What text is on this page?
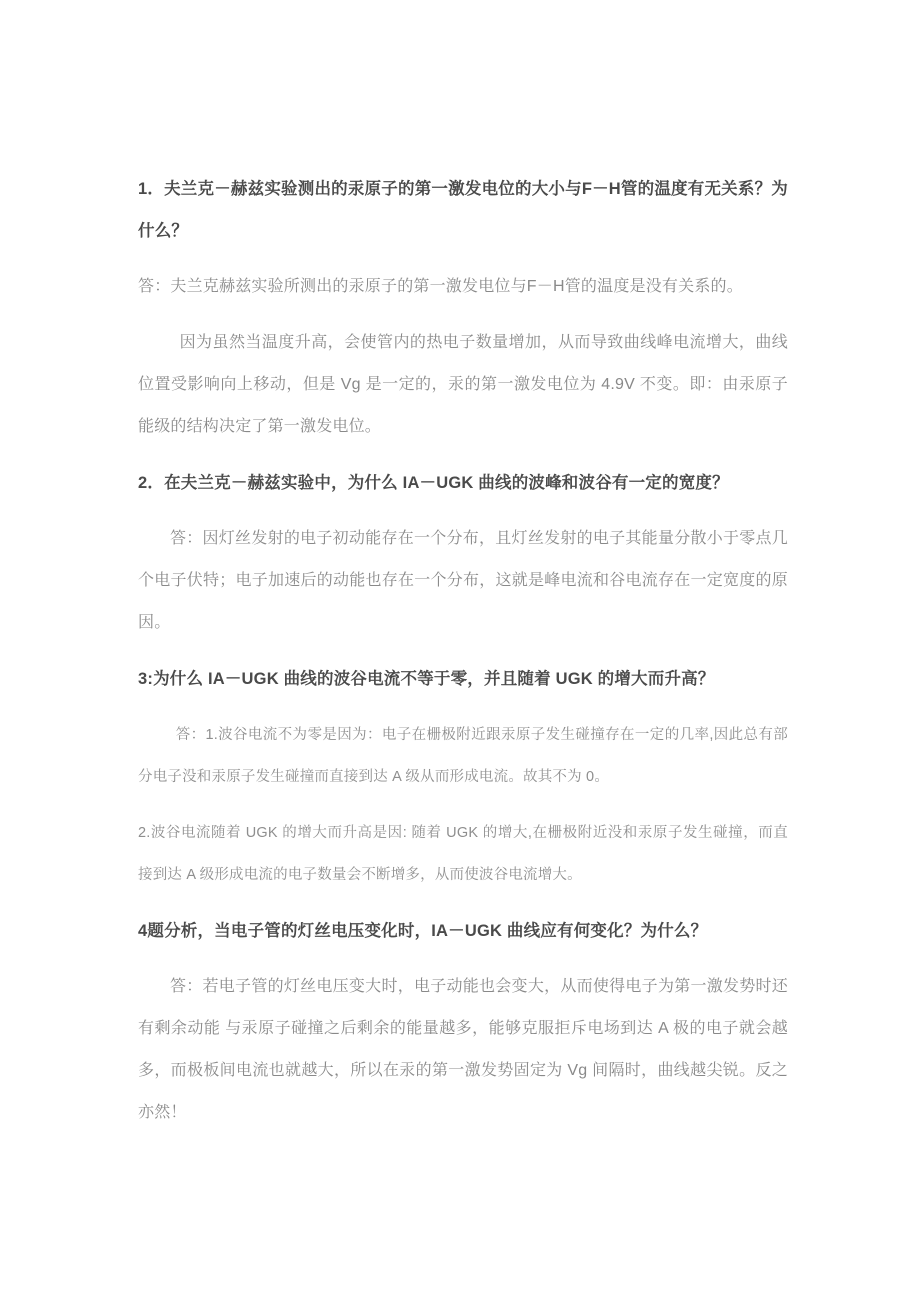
1．夫兰克－赫兹实验测出的汞原子的第一激发电位的大小与F－H管的温度有无关系？为什么？

答：夫兰克赫兹实验所测出的汞原子的第一激发电位与F－H管的温度是没有关系的。

因为虽然当温度升高，会使管内的热电子数量增加，从而导致曲线峰电流增大，曲线位置受影响向上移动，但是 Vg 是一定的，汞的第一激发电位为 4.9V 不变。即：由汞原子能级的结构决定了第一激发电位。

2．在夫兰克－赫兹实验中，为什么 IA－UGK 曲线的波峰和波谷有一定的宽度？

答：因灯丝发射的电子初动能存在一个分布，且灯丝发射的电子其能量分散小于零点几个电子伏特；电子加速后的动能也存在一个分布，这就是峰电流和谷电流存在一定宽度的原因。

3:为什么 IA－UGK 曲线的波谷电流不等于零，并且随着 UGK 的增大而升高？

答：1.波谷电流不为零是因为：电子在栅极附近跟汞原子发生碰撞存在一定的几率,因此总有部分电子没和汞原子发生碰撞而直接到达 A 级从而形成电流。故其不为 0。

2.波谷电流随着 UGK 的增大而升高是因: 随着 UGK 的增大,在栅极附近没和汞原子发生碰撞，而直接到达 A 级形成电流的电子数量会不断增多，从而使波谷电流增大。

4题分析，当电子管的灯丝电压变化时，IA－UGK 曲线应有何变化？为什么？

答：若电子管的灯丝电压变大时，电子动能也会变大，从而使得电子为第一激发势时还有剩余动能 与汞原子碰撞之后剩余的能量越多，能够克服拒斥电场到达 A 极的电子就会越多，而极板间电流也就越大，所以在汞的第一激发势固定为 Vg 间隔时，曲线越尖锐。反之亦然！
